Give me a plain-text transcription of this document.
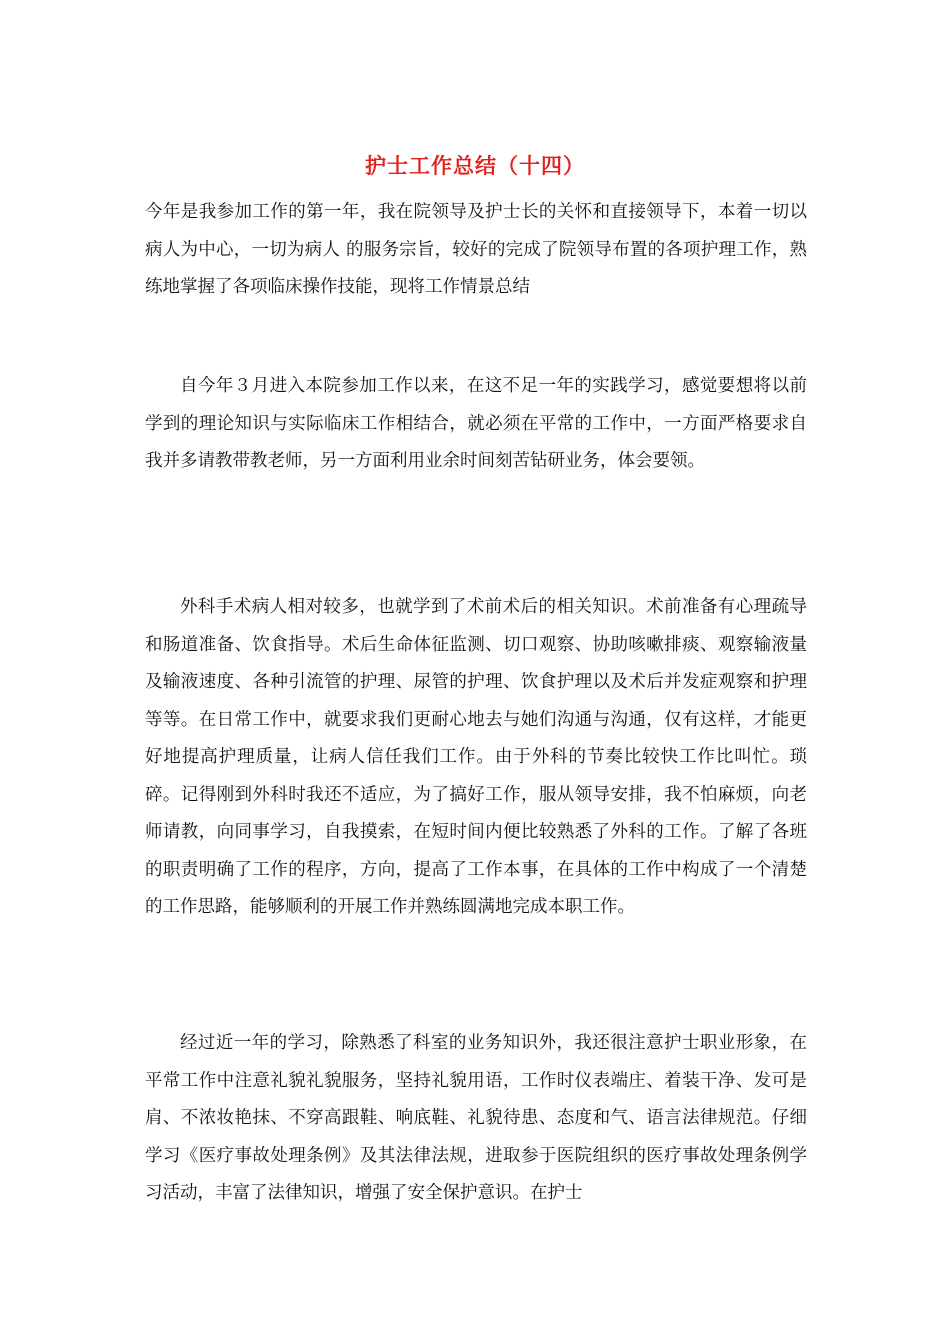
护士工作总结（十四）

今年是我参加工作的第一年，我在院领导及护士长的关怀和直接领导下，本着一切以病人为中心，一切为病人 的服务宗旨，较好的完成了院领导布置的各项护理工作，熟练地掌握了各项临床操作技能，现将工作情景总结

自今年３月进入本院参加工作以来，在这不足一年的实践学习，感觉要想将以前学到的理论知识与实际临床工作相结合，就必须在平常的工作中，一方面严格要求自我并多请教带教老师，另一方面利用业余时间刻苦钻研业务，体会要领。

外科手术病人相对较多，也就学到了术前术后的相关知识。术前准备有心理疏导和肠道准备、饮食指导。术后生命体征监测、切口观察、协助咳嗽排痰、观察输液量及输液速度、各种引流管的护理、尿管的护理、饮食护理以及术后并发症观察和护理等等。在日常工作中，就要求我们更耐心地去与她们沟通与沟通，仅有这样，才能更好地提高护理质量，让病人信任我们工作。由于外科的节奏比较快工作比叫忙。琐碎。记得刚到外科时我还不适应，为了搞好工作，服从领导安排，我不怕麻烦，向老师请教，向同事学习，自我摸索，在短时间内便比较熟悉了外科的工作。了解了各班的职责明确了工作的程序，方向，提高了工作本事，在具体的工作中构成了一个清楚的工作思路，能够顺利的开展工作并熟练圆满地完成本职工作。

经过近一年的学习，除熟悉了科室的业务知识外，我还很注意护士职业形象，在平常工作中注意礼貌礼貌服务，坚持礼貌用语，工作时仪表端庄、着装干净、发可是肩、不浓妆艳抹、不穿高跟鞋、响底鞋、礼貌待患、态度和气、语言法律规范。仔细学习《医疗事故处理条例》及其法律法规，进取参于医院组织的医疗事故处理条例学习活动，丰富了法律知识，增强了安全保护意识。在护士
